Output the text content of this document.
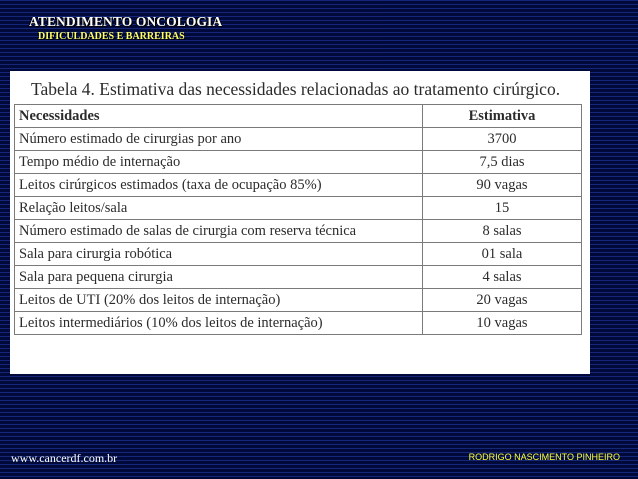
ATENDIMENTO ONCOLOGIA
DIFICULDADES E BARREIRAS
Tabela 4. Estimativa das necessidades relacionadas ao tratamento cirúrgico.
Necessidades	Estimativa
Número estimado de cirurgias por ano	3700
Tempo médio de internação	7,5 dias
Leitos cirúrgicos estimados (taxa de ocupação 85%)	90 vagas
Relação leitos/sala	15
Número estimado de salas de cirurgia com reserva técnica	8 salas
Sala para cirurgia robótica	01 sala
Sala para pequena cirurgia	4 salas
Leitos de UTI (20% dos leitos de internação)	20 vagas
Leitos intermediários (10% dos leitos de internação)	10 vagas
www.cancerdf.com.br	RODRIGO NASCIMENTO PINHEIRO
